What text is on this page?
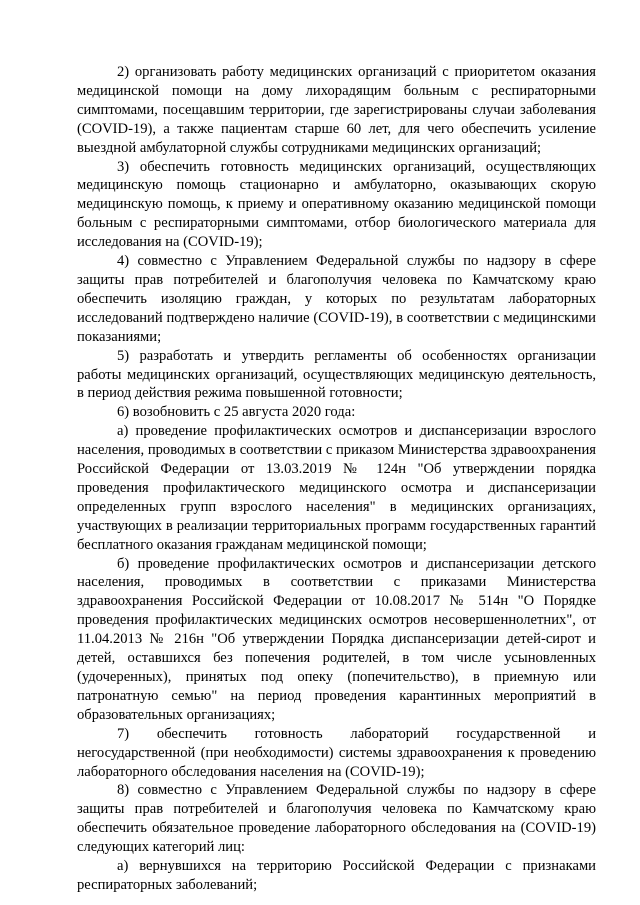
2) организовать работу медицинских организаций с приоритетом оказания медицинской помощи на дому лихорадящим больным с респираторными симптомами, посещавшим территории, где зарегистрированы случаи заболевания (COVID-19), а также пациентам старше 60 лет, для чего обеспечить усиление выездной амбулаторной службы сотрудниками медицинских организаций;

3) обеспечить готовность медицинских организаций, осуществляющих медицинскую помощь стационарно и амбулаторно, оказывающих скорую медицинскую помощь, к приему и оперативному оказанию медицинской помощи больным с респираторными симптомами, отбор биологического материала для исследования на (COVID-19);

4) совместно с Управлением Федеральной службы по надзору в сфере защиты прав потребителей и благополучия человека по Камчатскому краю обеспечить изоляцию граждан, у которых по результатам лабораторных исследований подтверждено наличие (COVID-19), в соответствии с медицинскими показаниями;

5) разработать и утвердить регламенты об особенностях организации работы медицинских организаций, осуществляющих медицинскую деятельность, в период действия режима повышенной готовности;

6) возобновить с 25 августа 2020 года:

а) проведение профилактических осмотров и диспансеризации взрослого населения, проводимых в соответствии с приказом Министерства здравоохранения Российской Федерации от 13.03.2019 № 124н "Об утверждении порядка проведения профилактического медицинского осмотра и диспансеризации определенных групп взрослого населения" в медицинских организациях, участвующих в реализации территориальных программ государственных гарантий бесплатного оказания гражданам медицинской помощи;

б) проведение профилактических осмотров и диспансеризации детского населения, проводимых в соответствии с приказами Министерства здравоохранения Российской Федерации от 10.08.2017 № 514н "О Порядке проведения профилактических медицинских осмотров несовершеннолетних", от 11.04.2013 № 216н "Об утверждении Порядка диспансеризации детей-сирот и детей, оставшихся без попечения родителей, в том числе усыновленных (удочеренных), принятых под опеку (попечительство), в приемную или патронатную семью" на период проведения карантинных мероприятий в образовательных организациях;

7) обеспечить готовность лабораторий государственной и негосударственной (при необходимости) системы здравоохранения к проведению лабораторного обследования населения на (COVID-19);

8) совместно с Управлением Федеральной службы по надзору в сфере защиты прав потребителей и благополучия человека по Камчатскому краю обеспечить обязательное проведение лабораторного обследования на (COVID-19) следующих категорий лиц:

а) вернувшихся на территорию Российской Федерации с признаками респираторных заболеваний;
